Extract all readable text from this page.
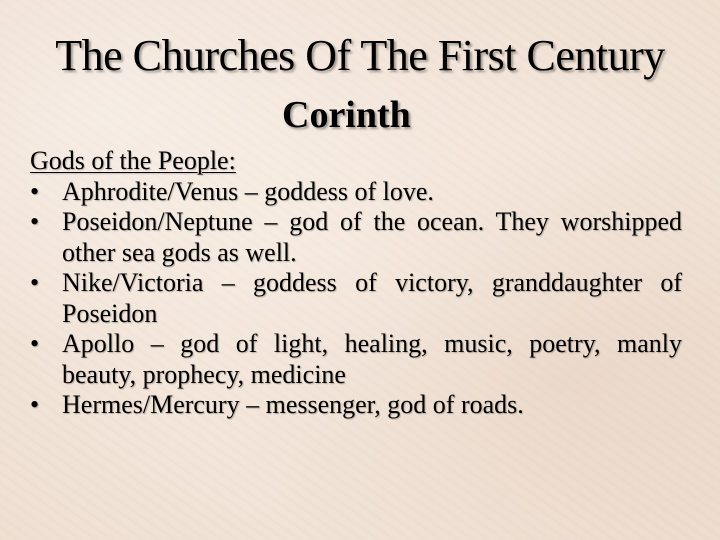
The Churches Of The First Century
Corinth
Gods of the People:
• Aphrodite/Venus – goddess of love.
• Poseidon/Neptune – god of the ocean. They worshipped other sea gods as well.
• Nike/Victoria – goddess of victory, granddaughter of Poseidon
• Apollo – god of light, healing, music, poetry, manly beauty, prophecy, medicine
• Hermes/Mercury – messenger, god of roads.
